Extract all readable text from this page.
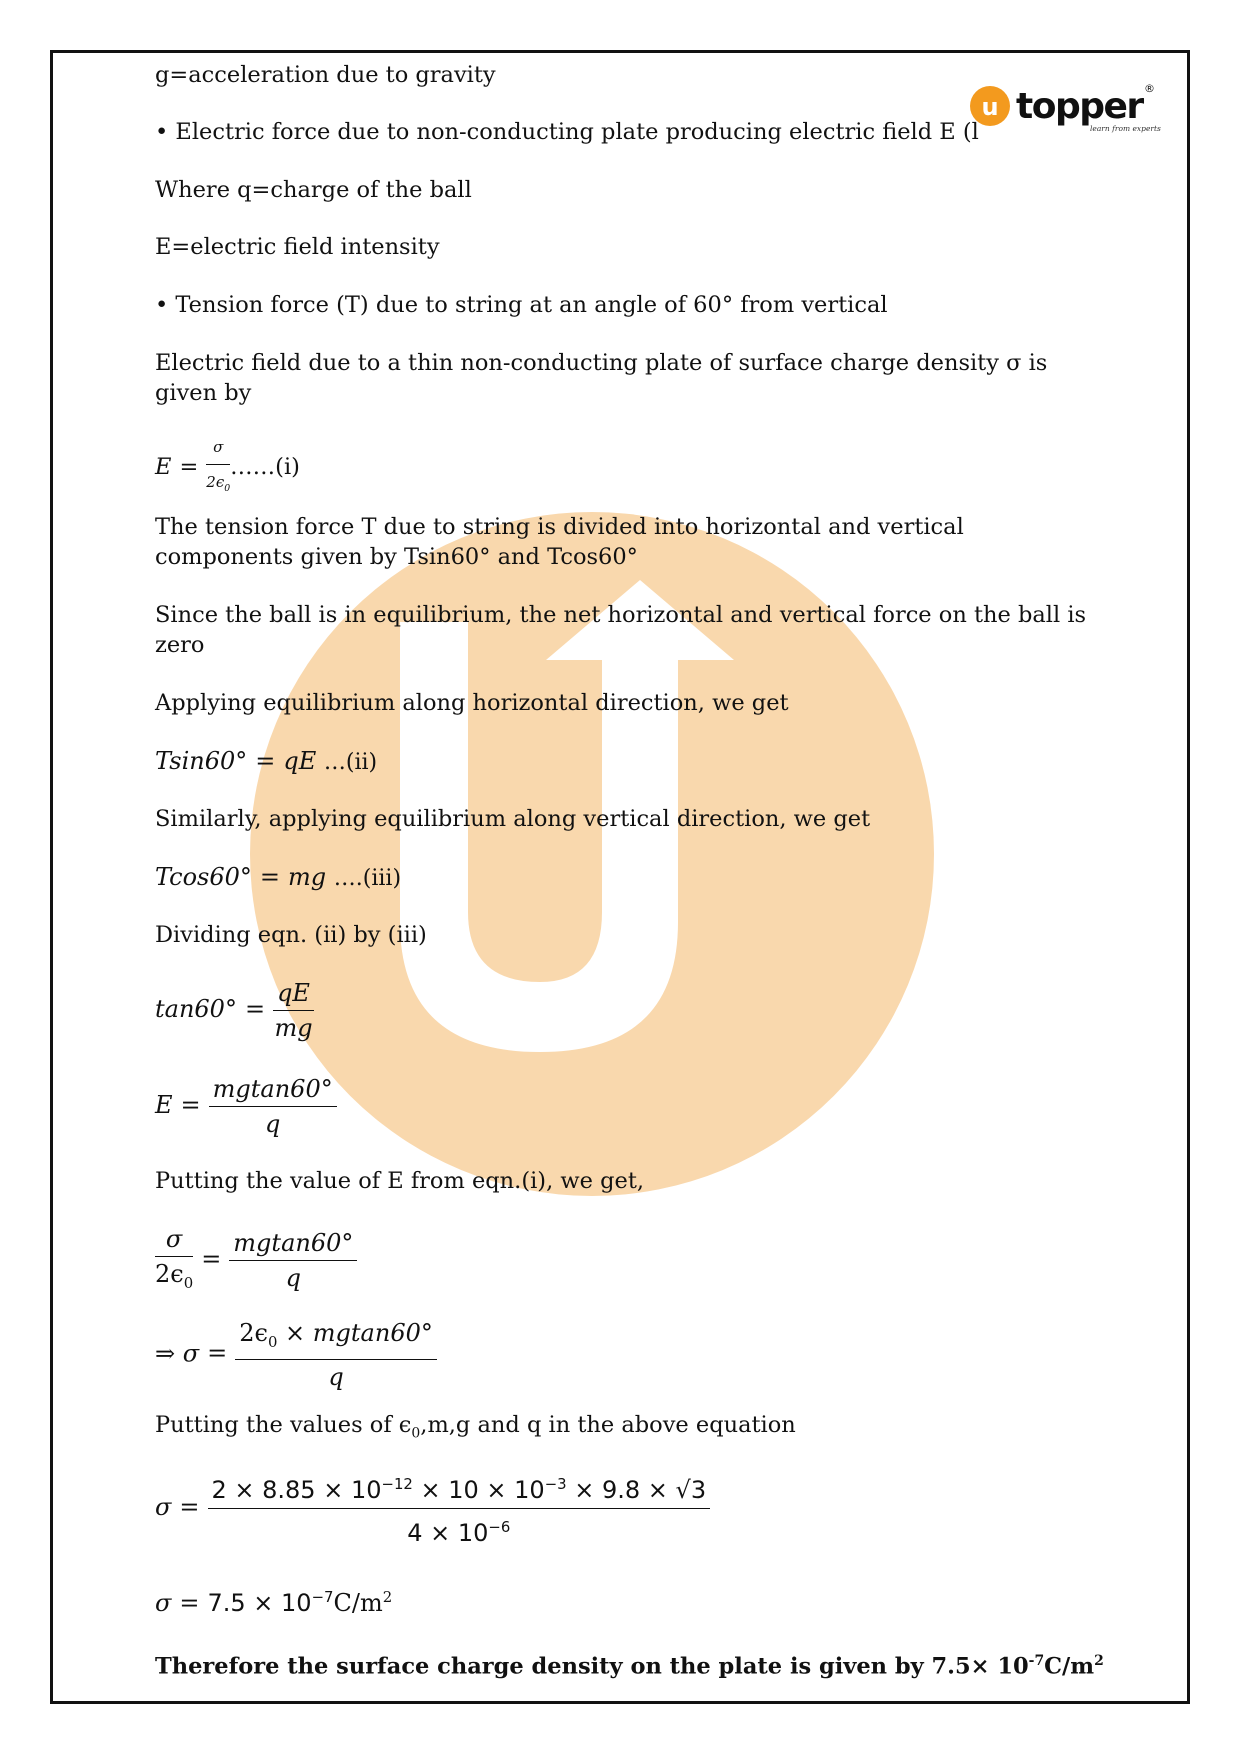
u topper
learn from experts
®
g=acceleration due to gravity
• Electric force due to non-conducting plate producing electric field E (l
Where q=charge of the ball
E=electric field intensity
• Tension force (T) due to string at an angle of 60° from vertical
Electric field due to a thin non-conducting plate of surface charge density σ is
given by
$E = \frac{\sigma}{2\epsilon_0}$ ……(i)
The tension force T due to string is divided into horizontal and vertical
components given by Tsin60° and Tcos60°
Since the ball is in equilibrium, the net horizontal and vertical force on the ball is
zero
Applying equilibrium along horizontal direction, we get
Tsin60° = qE …(ii)
Similarly, applying equilibrium along vertical direction, we get
Tcos60° = mg ….(iii)
Dividing eqn. (ii) by (iii)
$\tan 60^\circ = \frac{qE}{mg}$
$E = \frac{mgtan60^\circ}{q}$
Putting the value of E from eqn.(i), we get,
$\frac{\sigma}{2\epsilon_0} = \frac{mgtan60^\circ}{q}$
⇒ $\sigma = \frac{2\epsilon_0 \times mgtan60^\circ}{q}$
Putting the values of $\epsilon_0,m,g$ and q in the above equation
$\sigma = \frac{2 \times 8.85 \times 10^{-12} \times 10 \times 10^{-3} \times 9.8 \times √3}{4 \times 10^{-6}}$
$\sigma = 7.5 \times 10^{-7}C/m^2$
Therefore the surface charge density on the plate is given by $7.5\times 10^{-7}C/m^2$
